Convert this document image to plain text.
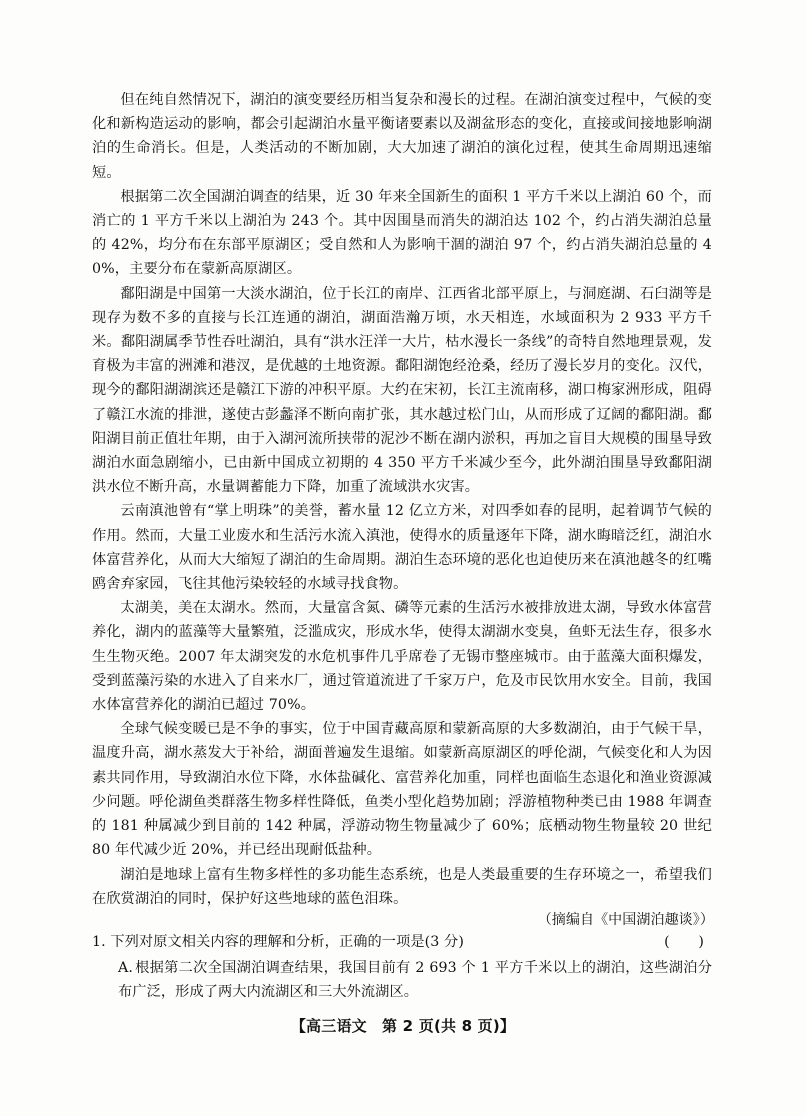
但在纯自然情况下，湖泊的演变要经历相当复杂和漫长的过程。在湖泊演变过程中，气候的变化和新构造运动的影响，都会引起湖泊水量平衡诸要素以及湖盆形态的变化，直接或间接地影响湖泊的生命消长。但是，人类活动的不断加剧，大大加速了湖泊的演化过程，使其生命周期迅速缩短。

根据第二次全国湖泊调查的结果，近 30 年来全国新生的面积 1 平方千米以上湖泊 60 个，而消亡的 1 平方千米以上湖泊为 243 个。其中因围垦而消失的湖泊达 102 个，约占消失湖泊总量的 42%，均分布在东部平原湖区；受自然和人为影响干涸的湖泊 97 个，约占消失湖泊总量的 40%，主要分布在蒙新高原湖区。

鄱阳湖是中国第一大淡水湖泊，位于长江的南岸、江西省北部平原上，与洞庭湖、石臼湖等是现存为数不多的直接与长江连通的湖泊，湖面浩瀚万顷，水天相连，水域面积为 2 933 平方千米。鄱阳湖属季节性吞吐湖泊，具有“洪水汪洋一大片，枯水漫长一条线”的奇特自然地理景观，发育极为丰富的洲滩和港汊，是优越的土地资源。鄱阳湖饱经沧桑，经历了漫长岁月的变化。汉代，现今的鄱阳湖湖滨还是赣江下游的冲积平原。大约在宋初，长江主流南移，湖口梅家洲形成，阻碍了赣江水流的排泄，遂使古彭蠡泽不断向南扩张，其水越过松门山，从而形成了辽阔的鄱阳湖。鄱阳湖目前正值壮年期，由于入湖河流所挟带的泥沙不断在湖内淤积，再加之盲目大规模的围垦导致湖泊水面急剧缩小，已由新中国成立初期的 4 350 平方千米减少至今，此外湖泊围垦导致鄱阳湖洪水位不断升高，水量调蓄能力下降，加重了流域洪水灾害。

云南滇池曾有“掌上明珠”的美誉，蓄水量 12 亿立方米，对四季如春的昆明，起着调节气候的作用。然而，大量工业废水和生活污水流入滇池，使得水的质量逐年下降，湖水晦暗泛红，湖泊水体富营养化，从而大大缩短了湖泊的生命周期。湖泊生态环境的恶化也迫使历来在滇池越冬的红嘴鸥舍弃家园，飞往其他污染较轻的水域寻找食物。

太湖美，美在太湖水。然而，大量富含氮、磷等元素的生活污水被排放进太湖，导致水体富营养化，湖内的蓝藻等大量繁殖，泛滥成灾，形成水华，使得太湖湖水变臭，鱼虾无法生存，很多水生生物灭绝。2007 年太湖突发的水危机事件几乎席卷了无锡市整座城市。由于蓝藻大面积爆发，受到蓝藻污染的水进入了自来水厂，通过管道流进了千家万户，危及市民饮用水安全。目前，我国水体富营养化的湖泊已超过 70%。

全球气候变暖已是不争的事实，位于中国青藏高原和蒙新高原的大多数湖泊，由于气候干旱，温度升高，湖水蒸发大于补给，湖面普遍发生退缩。如蒙新高原湖区的呼伦湖，气候变化和人为因素共同作用，导致湖泊水位下降，水体盐碱化、富营养化加重，同样也面临生态退化和渔业资源减少问题。呼伦湖鱼类群落生物多样性降低，鱼类小型化趋势加剧；浮游植物种类已由 1988 年调查的 181 种属减少到目前的 142 种属，浮游动物生物量减少了 60%；底栖动物生物量较 20 世纪 80 年代减少近 20%，并已经出现耐低盐种。

湖泊是地球上富有生物多样性的多功能生态系统，也是人类最重要的生存环境之一，希望我们在欣赏湖泊的同时，保护好这些地球的蓝色泪珠。

（摘编自《中国湖泊趣谈》）
1. 下列对原文相关内容的理解和分析，正确的一项是(3 分)	(　　)
A. 根据第二次全国湖泊调查结果，我国目前有 2 693 个 1 平方千米以上的湖泊，这些湖泊分布广泛，形成了两大内流湖区和三大外流湖区。
【高三语文　第 2 页(共 8 页)】
